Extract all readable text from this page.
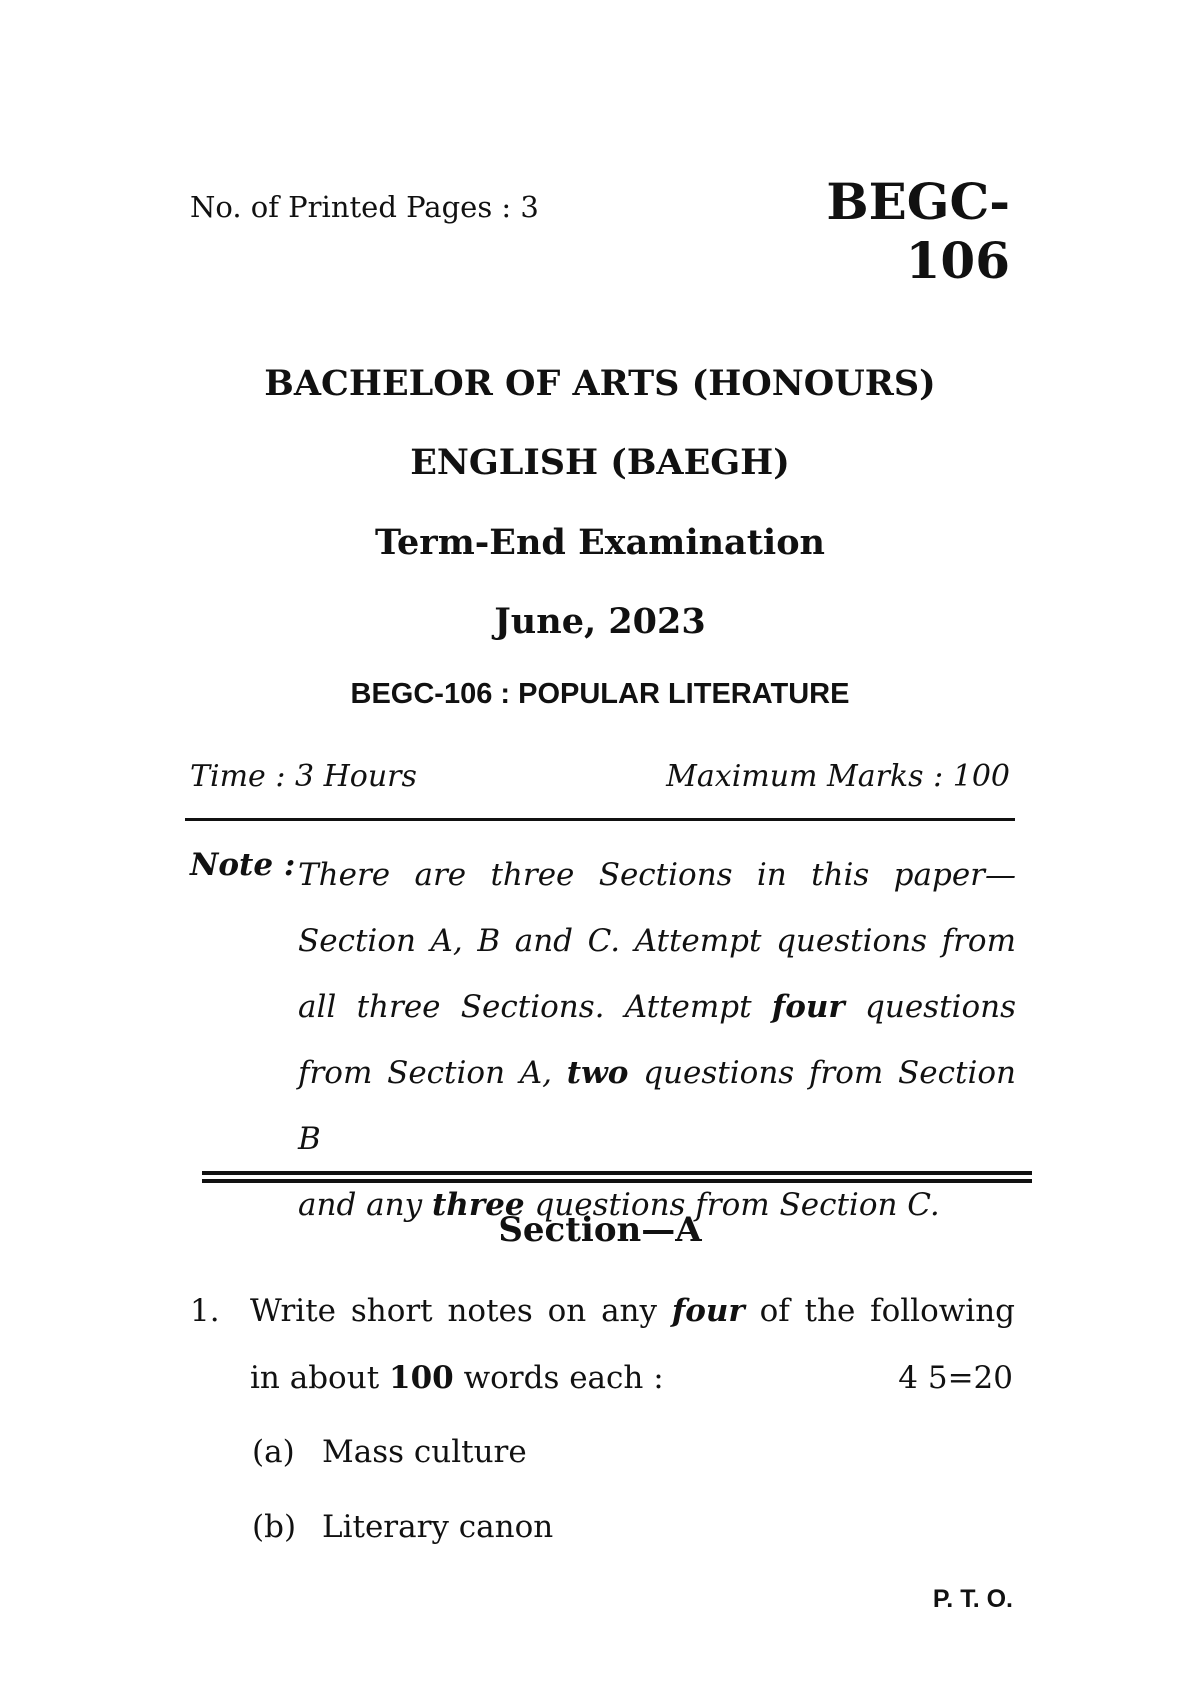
No. of Printed Pages : 3	BEGC-106
BACHELOR OF ARTS (HONOURS)
ENGLISH (BAEGH)
Term-End Examination
June, 2023
BEGC-106 : POPULAR LITERATURE
Time : 3 Hours	Maximum Marks : 100
Note : There are three Sections in this paper—

Section A, B and C. Attempt questions from

all three Sections. Attempt four questions

from Section A, two questions from Section B

and any three questions from Section C.

Section—A
1. Write short notes on any four of the following
in about 100 words each :	4 5=20
(a) Mass culture
(b) Literary canon
P. T. O.
